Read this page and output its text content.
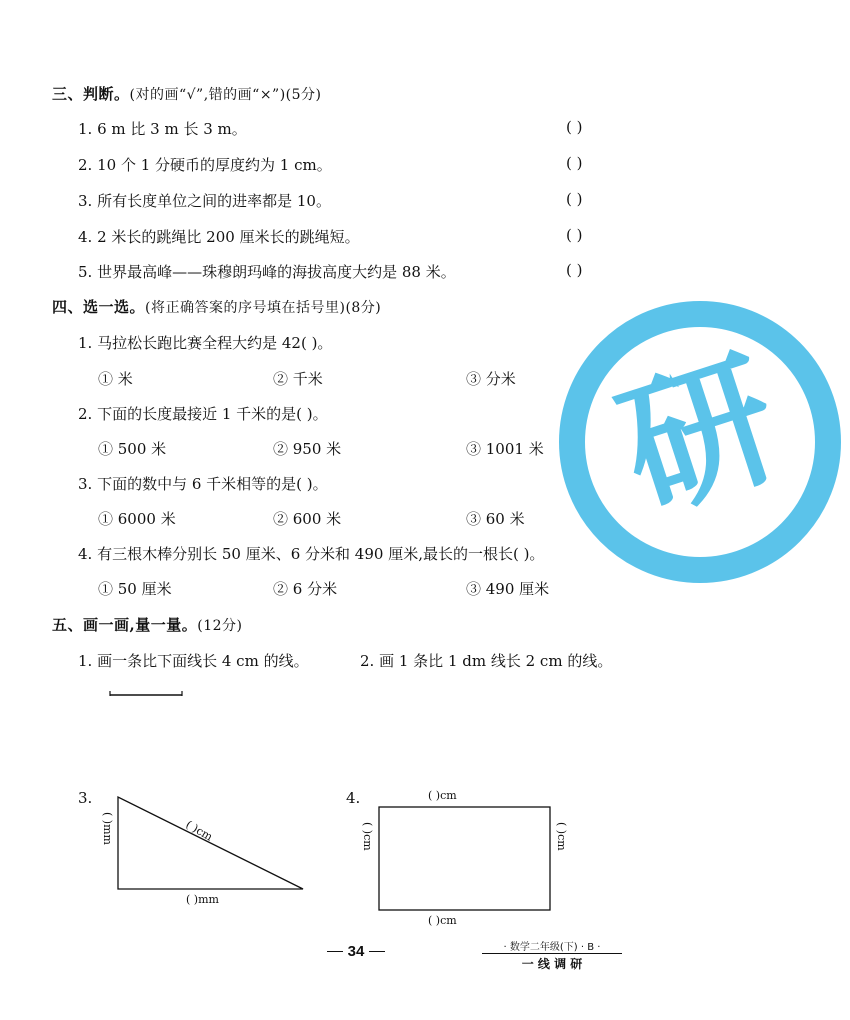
研
三、判断。(对的画“√”,错的画“×”)(5分)
1. 6 m 比 3 m 长 3 m。	( )
2. 10 个 1 分硬币的厚度约为 1 cm。	( )
3. 所有长度单位之间的进率都是 10。	( )
4. 2 米长的跳绳比 200 厘米长的跳绳短。	( )
5. 世界最高峰——珠穆朗玛峰的海拔高度大约是 88 米。	( )
四、选一选。(将正确答案的序号填在括号里)(8分)
1. 马拉松长跑比赛全程大约是 42( )。
① 米	② 千米	③ 分米
2. 下面的长度最接近 1 千米的是( )。
① 500 米	② 950 米	③ 1001 米
3. 下面的数中与 6 千米相等的是( )。
① 6000 米	② 600 米	③ 60 米
4. 有三根木棒分别长 50 厘米、6 分米和 490 厘米,最长的一根长( )。
① 50 厘米	② 6 分米	③ 490 厘米
五、画一画,量一量。(12分)
1. 画一条比下面线长 4 cm 的线。	2. 画 1 条比 1 dm 线长 2 cm 的线。
3.
( )mm	( )cm
( )mm
4.	( )cm
( )cm	( )cm
( )cm
34	· 数学二年级(下) · B ·
一 线 调 研
